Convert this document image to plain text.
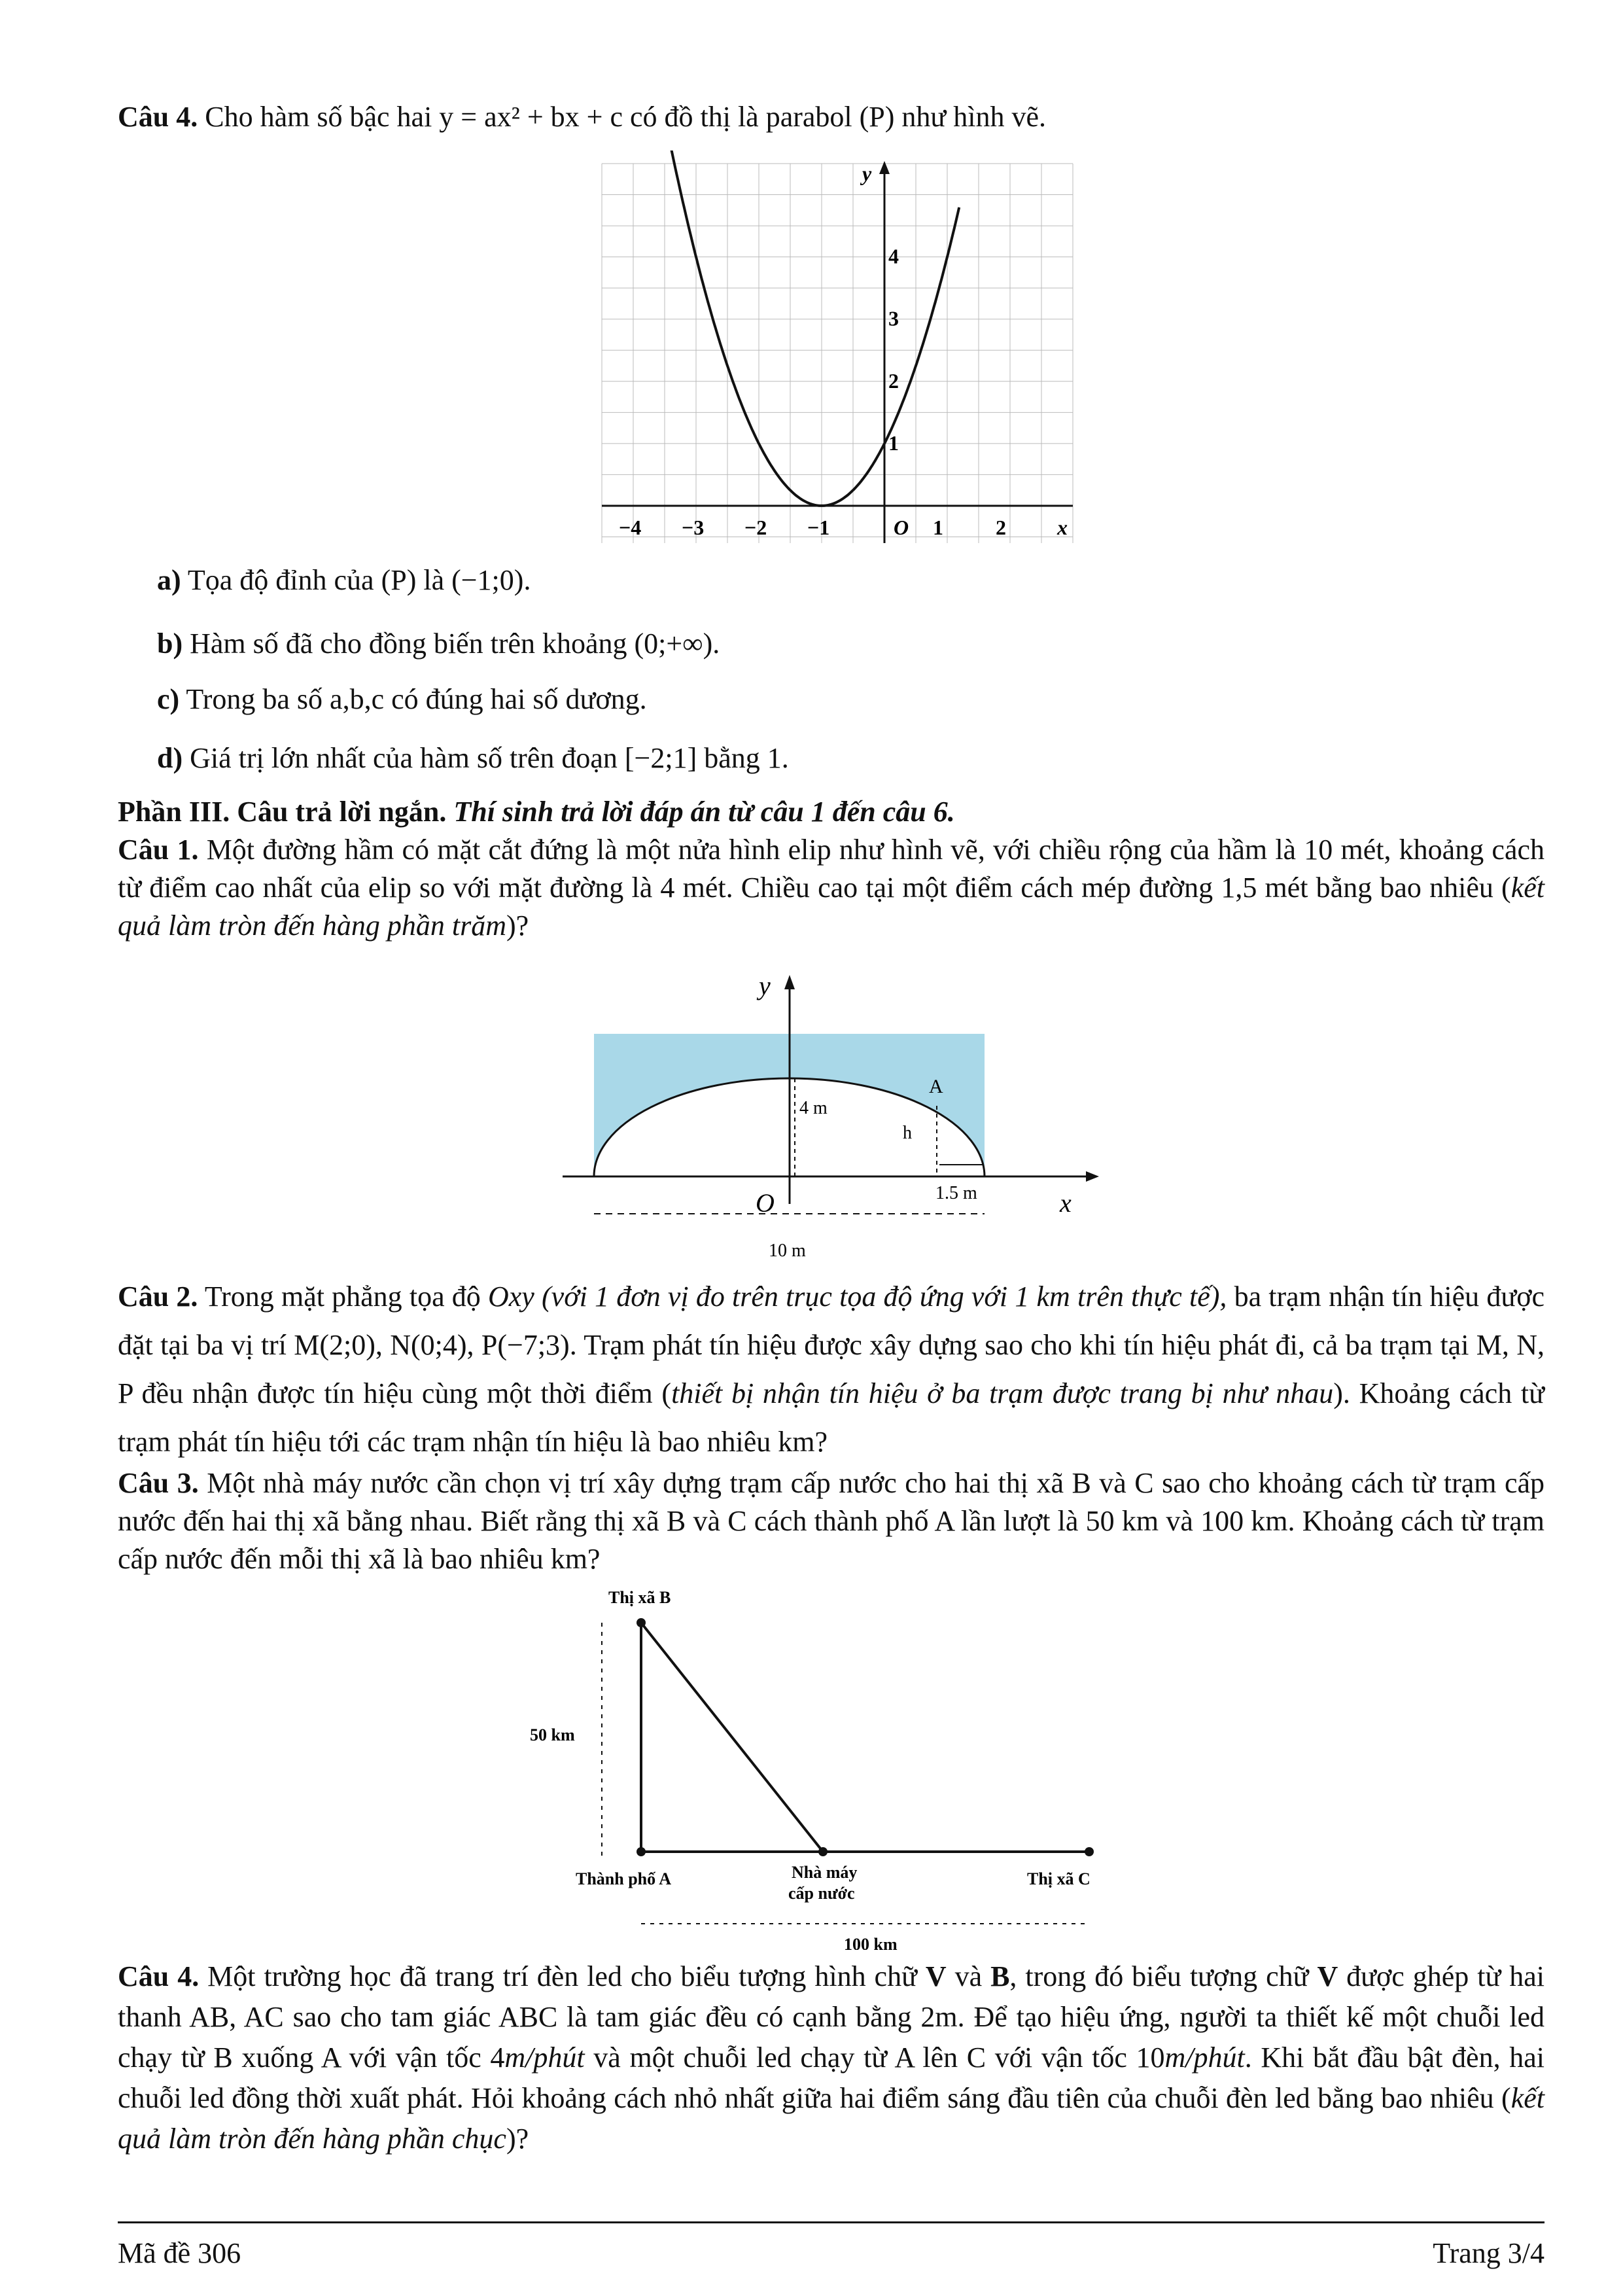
Câu 4. Cho hàm số bậc hai y = ax² + bx + c có đồ thị là parabol (P) như hình vẽ.
−4 −3 −2 −1	O 1	2 x
y
1
2
3
4
a) Tọa độ đỉnh của (P) là (−1;0).
b) Hàm số đã cho đồng biến trên khoảng (0;+∞).
c) Trong ba số a,b,c có đúng hai số dương.
d) Giá trị lớn nhất của hàm số trên đoạn [−2;1] bằng 1.
Phần III. Câu trả lời ngắn. Thí sinh trả lời đáp án từ câu 1 đến câu 6.
Câu 1. Một đường hầm có mặt cắt đứng là một nửa hình elip như hình vẽ, với chiều rộng của hầm là 10 mét, khoảng cách từ điểm cao nhất của elip so với mặt đường là 4 mét. Chiều cao tại một điểm cách mép đường 1,5 mét bằng bao nhiêu (kết quả làm tròn đến hàng phần trăm)?
y
O	x
A
h
4 m
1.5 m
10 m
Câu 2. Trong mặt phẳng tọa độ Oxy (với 1 đơn vị đo trên trục tọa độ ứng với 1 km trên thực tế), ba trạm nhận tín hiệu được đặt tại ba vị trí M(2;0), N(0;4), P(−7;3). Trạm phát tín hiệu được xây dựng sao cho khi tín hiệu phát đi, cả ba trạm tại M, N, P đều nhận được tín hiệu cùng một thời điểm (thiết bị nhận tín hiệu ở ba trạm được trang bị như nhau). Khoảng cách từ trạm phát tín hiệu tới các trạm nhận tín hiệu là bao nhiêu km?
Câu 3. Một nhà máy nước cần chọn vị trí xây dựng trạm cấp nước cho hai thị xã B và C sao cho khoảng cách từ trạm cấp nước đến hai thị xã bằng nhau. Biết rằng thị xã B và C cách thành phố A lần lượt là 50 km và 100 km. Khoảng cách từ trạm cấp nước đến mỗi thị xã là bao nhiêu km?
Thị xã B
50 km
Thành phố A	Nhà máy
cấp nước
Thị xã C
100 km
Câu 4. Một trường học đã trang trí đèn led cho biểu tượng hình chữ V và B, trong đó biểu tượng chữ V được ghép từ hai thanh AB, AC sao cho tam giác ABC là tam giác đều có cạnh bằng 2m. Để tạo hiệu ứng, người ta thiết kế một chuỗi led chạy từ B xuống A với vận tốc 4m/phút và một chuỗi led chạy từ A lên C với vận tốc 10m/phút. Khi bắt đầu bật đèn, hai chuỗi led đồng thời xuất phát. Hỏi khoảng cách nhỏ nhất giữa hai điểm sáng đầu tiên của chuỗi đèn led bằng bao nhiêu (kết quả làm tròn đến hàng phần chục)?
Mã đề 306	Trang 3/4
